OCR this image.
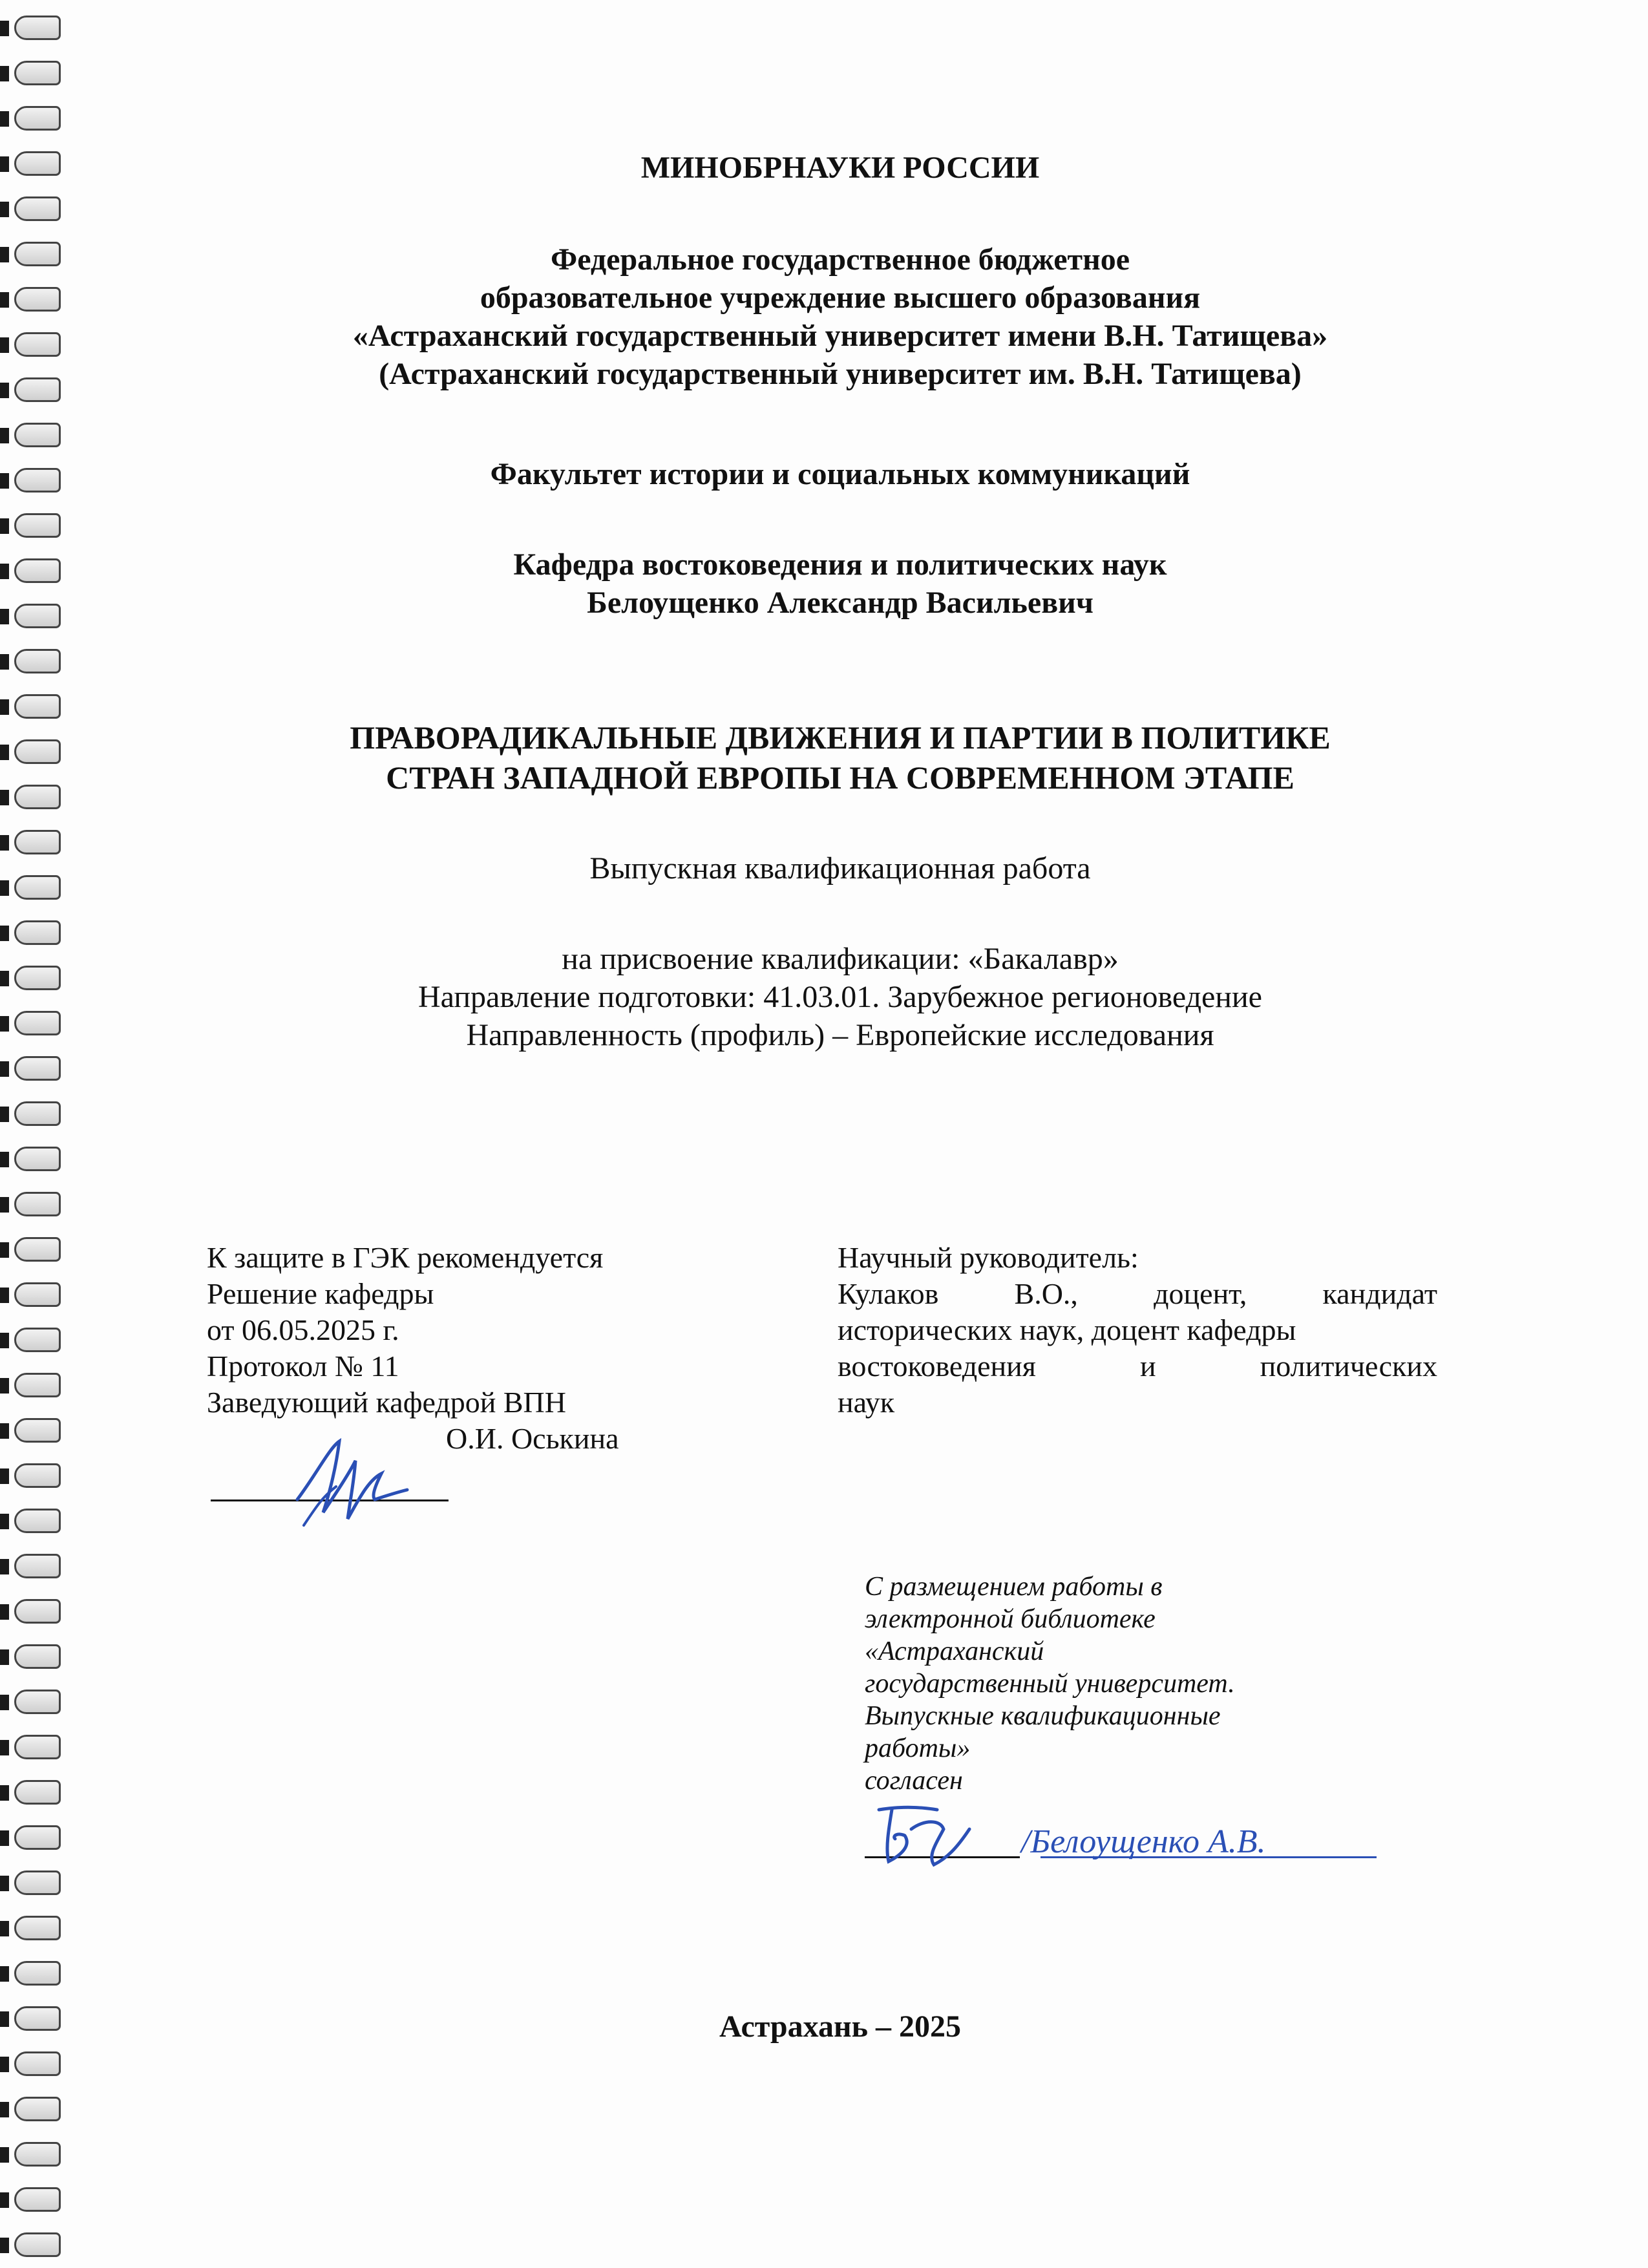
МИНОБРНАУКИ РОССИИ
Федеральное государственное бюджетное
образовательное учреждение высшего образования
«Астраханский государственный университет имени В.Н. Татищева»
(Астраханский государственный университет им. В.Н. Татищева)
Факультет истории и социальных коммуникаций
Кафедра востоковедения и политических наук
Белоущенко Александр Васильевич
ПРАВОРАДИКАЛЬНЫЕ ДВИЖЕНИЯ И ПАРТИИ В ПОЛИТИКЕ
СТРАН ЗАПАДНОЙ ЕВРОПЫ НА СОВРЕМЕННОМ ЭТАПЕ
Выпускная квалификационная работа
на присвоение квалификации: «Бакалавр»
Направление подготовки: 41.03.01. Зарубежное регионоведение
Направленность (профиль) – Европейские исследования
К защите в ГЭК рекомендуется
Решение кафедры
от 06.05.2025 г.
Протокол № 11
Заведующий кафедрой ВПН
О.И. Оськина
Научный руководитель:
Кулаков	В.О.,	доцент,	кандидат
исторических наук, доцент кафедры
востоковедения	и	политических
наук
С размещением работы в
электронной библиотеке
«Астраханский
государственный университет.
Выпускные квалификационные
работы»
согласен
/Белоущенко А.В.
Астрахань – 2025
